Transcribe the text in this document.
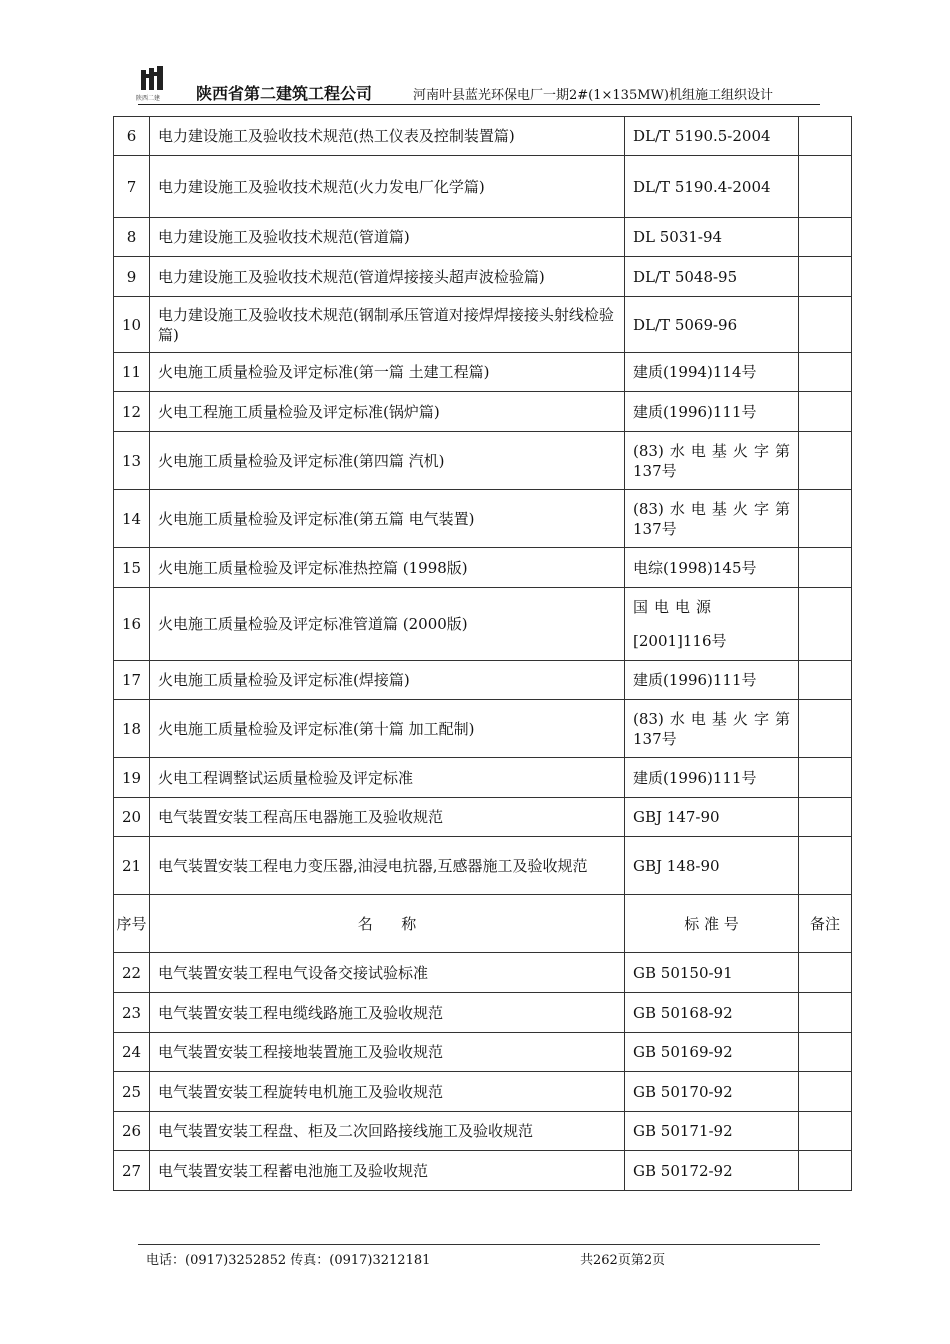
陕西二建 陕西省第二建筑工程公司	河南叶县蓝光环保电厂一期2#(1×135MW)机组施工组织设计
6	电力建设施工及验收技术规范(热工仪表及控制装置篇)	DL/T 5190.5-2004	
7	电力建设施工及验收技术规范(火力发电厂化学篇)	DL/T 5190.4-2004	
8	电力建设施工及验收技术规范(管道篇)	DL 5031-94	
9	电力建设施工及验收技术规范(管道焊接接头超声波检验篇)	DL/T 5048-95	
10	电力建设施工及验收技术规范(钢制承压管道对接焊焊接接头射线检验篇)	DL/T 5069-96	
11	火电施工质量检验及评定标准(第一篇 土建工程篇)	建质(1994)114号	
12	火电工程施工质量检验及评定标准(锅炉篇)	建质(1996)111号	
13	火电施工质量检验及评定标准(第四篇 汽机)	(83)水电基火字第
137号	

14	火电施工质量检验及评定标准(第五篇 电气装置)	(83)水电基火字第
137号	

15	火电施工质量检验及评定标准热控篇 (1998版)	电综(1998)145号	
16	火电施工质量检验及评定标准管道篇 (2000版)	国电电源
[2001]116号	

17	火电施工质量检验及评定标准(焊接篇)	建质(1996)111号	
18	火电施工质量检验及评定标准(第十篇 加工配制)	(83)水电基火字第
137号	

19	火电工程调整试运质量检验及评定标准	建质(1996)111号	
20	电气装置安装工程高压电器施工及验收规范	GBJ 147-90	
21	电气装置安装工程电力变压器,油浸电抗器,互感器施工及验收规范	GBJ 148-90	
序号	名      称	标 准 号	备注
22	电气装置安装工程电气设备交接试验标准	GB 50150-91	
23	电气装置安装工程电缆线路施工及验收规范	GB 50168-92	
24	电气装置安装工程接地装置施工及验收规范	GB 50169-92	
25	电气装置安装工程旋转电机施工及验收规范	GB 50170-92	
26	电气装置安装工程盘、柜及二次回路接线施工及验收规范	GB 50171-92	
27	电气装置安装工程蓄电池施工及验收规范	GB 50172-92	
电话：(0917)3252852 传真：(0917)3212181	共262页第2页
